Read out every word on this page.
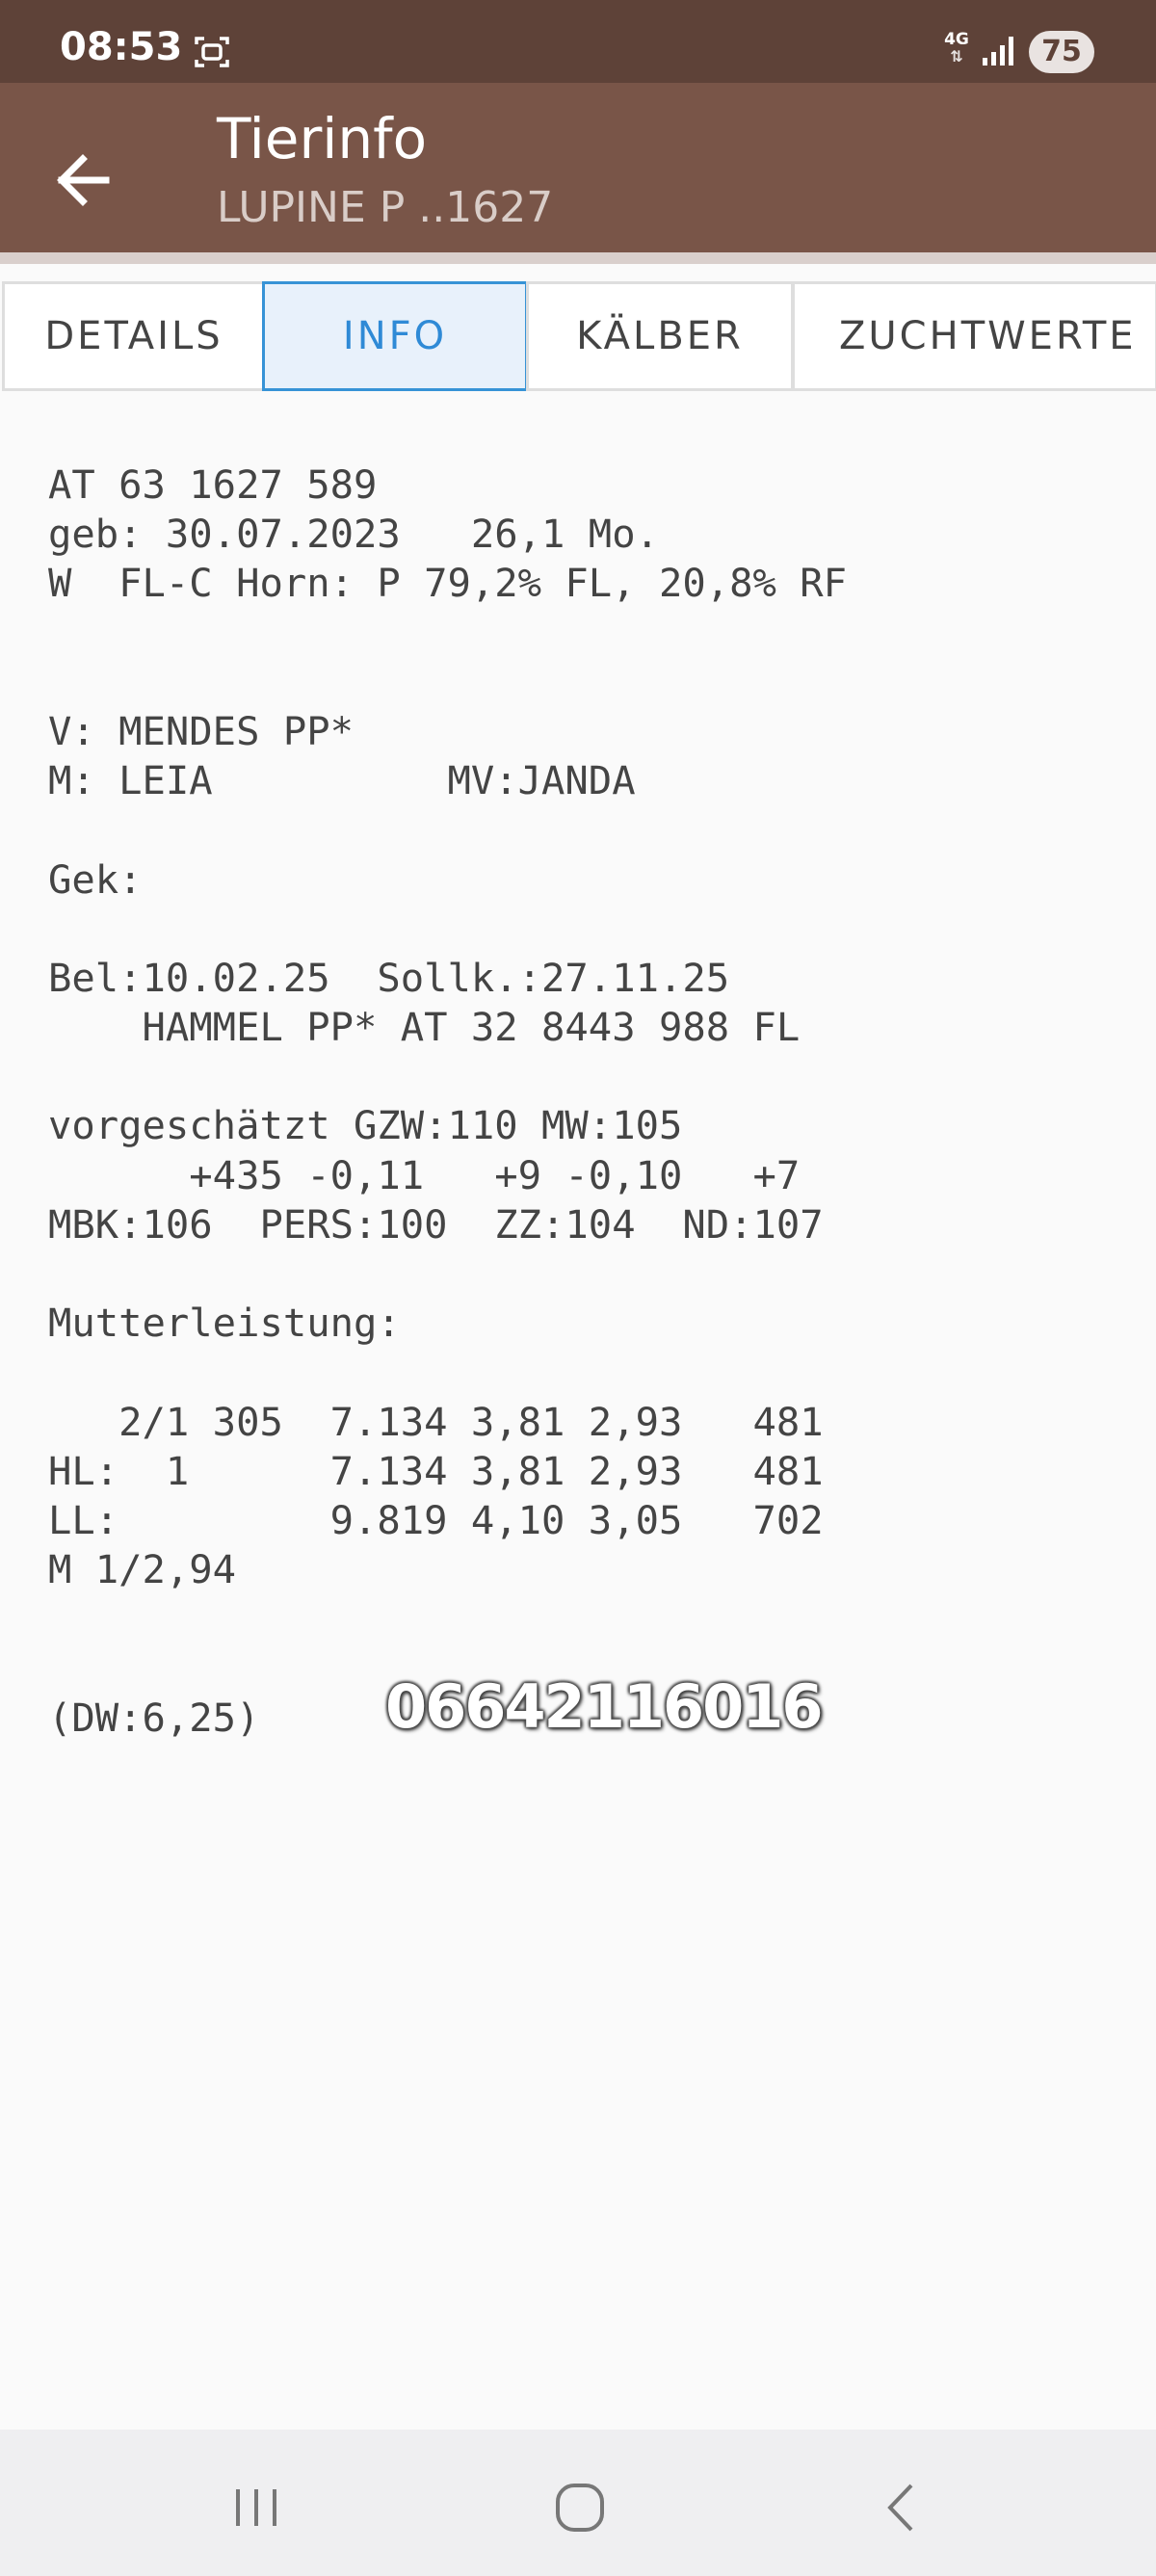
08:53	4G
⇅	75
Tierinfo
LUPINE P ..1627
DETAILS	INFO	KÄLBER	ZUCHTWERTE
AT 63 1627 589
geb: 30.07.2023   26,1 Mo.
W  FL-C Horn: P 79,2% FL, 20,8% RF
V: MENDES PP*
M: LEIA          MV:JANDA
Gek:
Bel:10.02.25  Sollk.:27.11.25
HAMMEL PP* AT 32 8443 988 FL
vorgeschätzt GZW:110 MW:105
+435 -0,11   +9 -0,10   +7
MBK:106  PERS:100  ZZ:104  ND:107
Mutterleistung:
2/1 305  7.134 3,81 2,93   481
HL:  1      7.134 3,81 2,93   481
LL:         9.819 4,10 3,05   702
M 1/2,94
(DW:6,25)	06642116016
